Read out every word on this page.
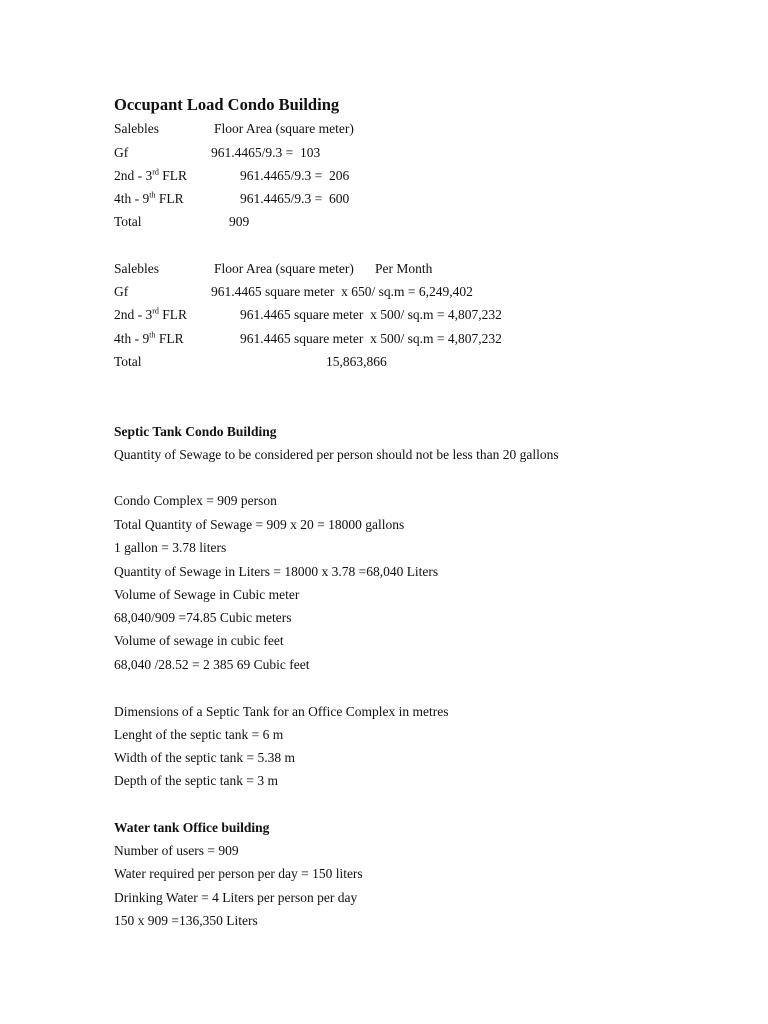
Occupant Load Condo Building
Salebles	Floor Area (square meter)
Gf	961.4465/9.3 =  103
2nd - 3rd FLR	961.4465/9.3 =  206
4th - 9th FLR	961.4465/9.3 =  600
Total	909
Salebles	Floor Area (square meter) Per Month
Gf	961.4465 square meter  x 650/ sq.m = 6,249,402
2nd - 3rd FLR	961.4465 square meter  x 500/ sq.m = 4,807,232
4th - 9th FLR	961.4465 square meter  x 500/ sq.m = 4,807,232
Total	15,863,866
Septic Tank Condo Building
Quantity of Sewage to be considered per person should not be less than 20 gallons
Condo Complex = 909 person
Total Quantity of Sewage = 909 x 20 = 18000 gallons
1 gallon = 3.78 liters
Quantity of Sewage in Liters = 18000 x 3.78 =68,040 Liters
Volume of Sewage in Cubic meter
68,040/909 =74.85 Cubic meters
Volume of sewage in cubic feet
68,040 /28.52 = 2 385 69 Cubic feet
Dimensions of a Septic Tank for an Office Complex in metres
Lenght of the septic tank = 6 m
Width of the septic tank = 5.38 m
Depth of the septic tank = 3 m
Water tank Office building
Number of users = 909
Water required per person per day = 150 liters
Drinking Water = 4 Liters per person per day
150 x 909 =136,350 Liters
